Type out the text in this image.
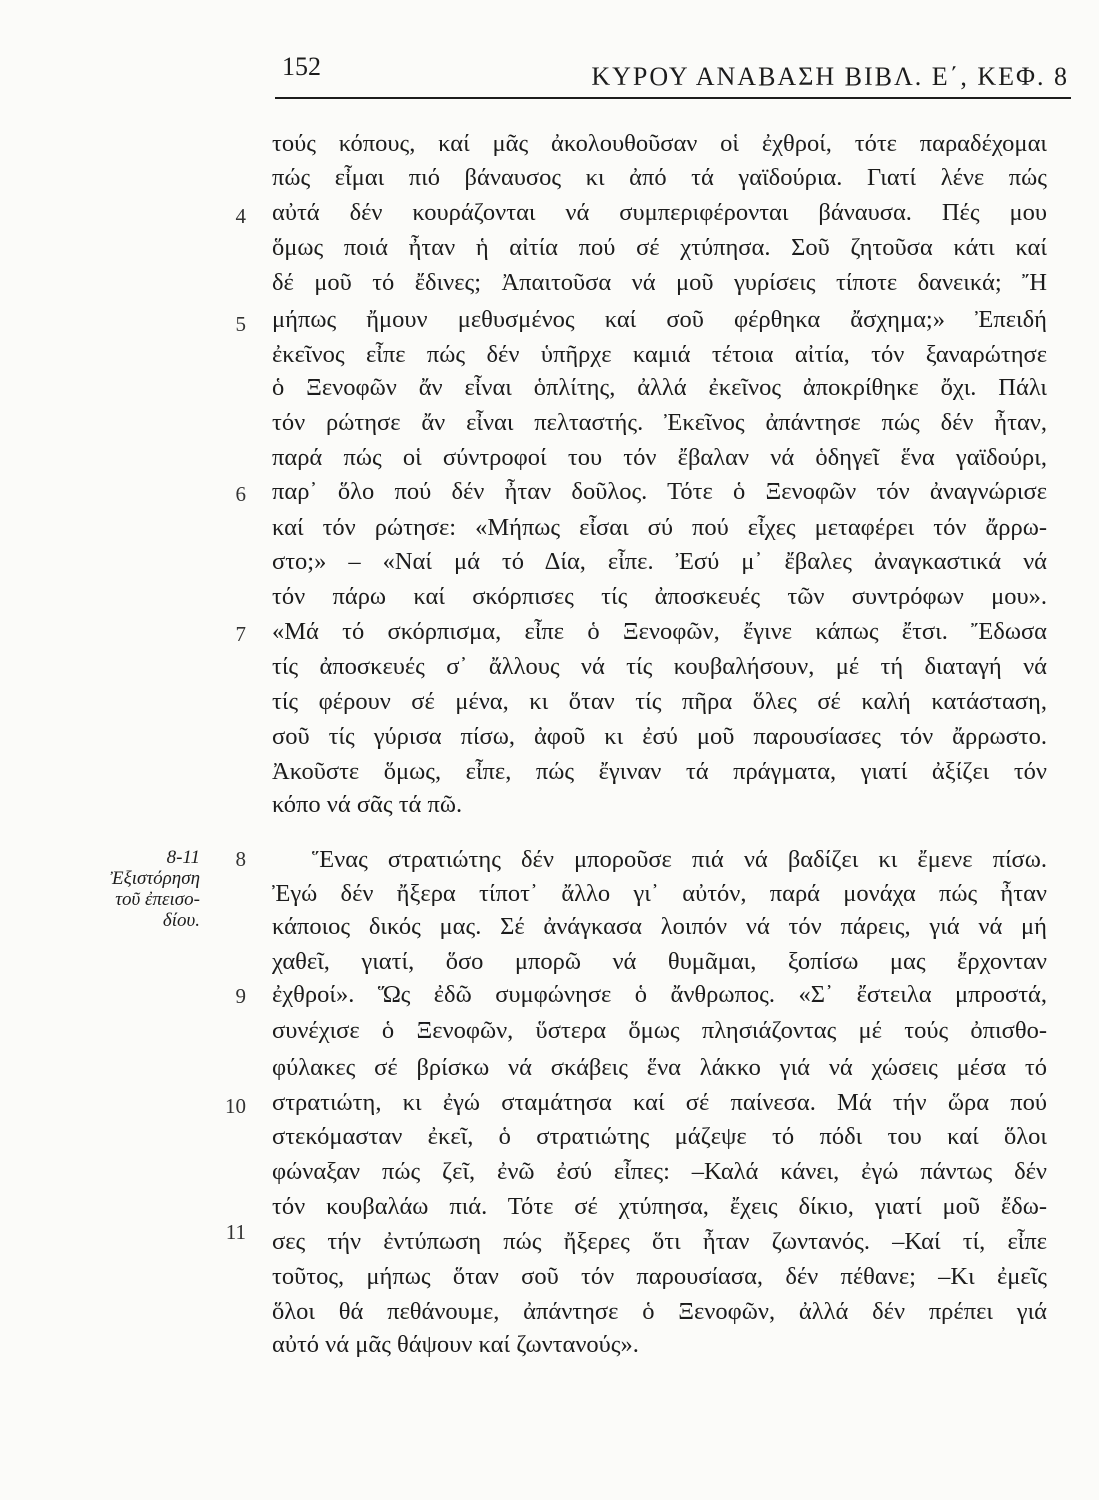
152	ΚΥΡΟΥ ΑΝΑΒΑΣΗ ΒΙΒΛ. Ε΄, ΚΕΦ. 8
8-11
Ἐξιστόρηση
τοῦ ἐπεισο-
δίου.
4
5
6
7
8
9
10
11
τούς κόπους, καί μᾶς ἀκολουθοῦσαν οἱ ἐχθροί, τότε παραδέχομαι
πώς εἶμαι πιό βάναυσος κι ἀπό τά γαϊδούρια. Γιατί λένε πώς
αὐτά δέν κουράζονται νά συμπεριφέρονται βάναυσα. Πές μου
ὅμως ποιά ἦταν ἡ αἰτία πού σέ χτύπησα. Σοῦ ζητοῦσα κάτι καί
δέ μοῦ τό ἔδινες; Ἀπαιτοῦσα νά μοῦ γυρίσεις τίποτε δανεικά; Ἤ
μήπως ἤμουν μεθυσμένος καί σοῦ φέρθηκα ἄσχημα;» Ἐπειδή
ἐκεῖνος εἶπε πώς δέν ὑπῆρχε καμιά τέτοια αἰτία, τόν ξαναρώτησε
ὁ Ξενοφῶν ἄν εἶναι ὁπλίτης, ἀλλά ἐκεῖνος ἀποκρίθηκε ὄχι. Πάλι
τόν ρώτησε ἄν εἶναι πελταστής. Ἐκεῖνος ἀπάντησε πώς δέν ἦταν,
παρά πώς οἱ σύντροφοί του τόν ἔβαλαν νά ὁδηγεῖ ἕνα γαϊδούρι,
παρ᾽ ὅλο πού δέν ἦταν δοῦλος. Τότε ὁ Ξενοφῶν τόν ἀναγνώρισε
καί τόν ρώτησε: «Μήπως εἶσαι σύ πού εἶχες μεταφέρει τόν ἄρρω-
στο;» – «Ναί μά τό Δία, εἶπε. Ἐσύ μ᾽ ἔβαλες ἀναγκαστικά νά
τόν πάρω καί σκόρπισες τίς ἀποσκευές τῶν συντρόφων μου».
«Μά τό σκόρπισμα, εἶπε ὁ Ξενοφῶν, ἔγινε κάπως ἔτσι. Ἔδωσα
τίς ἀποσκευές σ᾽ ἄλλους νά τίς κουβαλήσουν, μέ τή διαταγή νά
τίς φέρουν σέ μένα, κι ὅταν τίς πῆρα ὅλες σέ καλή κατάσταση,
σοῦ τίς γύρισα πίσω, ἀφοῦ κι ἐσύ μοῦ παρουσίασες τόν ἄρρωστο.
Ἀκοῦστε ὅμως, εἶπε, πώς ἔγιναν τά πράγματα, γιατί ἀξίζει τόν
κόπο νά σᾶς τά πῶ.
Ἕνας στρατιώτης δέν μποροῦσε πιά νά βαδίζει κι ἔμενε πίσω.
Ἐγώ δέν ἤξερα τίποτ᾽ ἄλλο γι᾽ αὐτόν, παρά μονάχα πώς ἦταν
κάποιος δικός μας. Σέ ἀνάγκασα λοιπόν νά τόν πάρεις, γιά νά μή
χαθεῖ, γιατί, ὅσο μπορῶ νά θυμᾶμαι, ξοπίσω μας ἔρχονταν
ἐχθροί». Ὥς ἐδῶ συμφώνησε ὁ ἄνθρωπος. «Σ᾽ ἔστειλα μπροστά,
συνέχισε ὁ Ξενοφῶν, ὕστερα ὅμως πλησιάζοντας μέ τούς ὀπισθο-
φύλακες σέ βρίσκω νά σκάβεις ἕνα λάκκο γιά νά χώσεις μέσα τό
στρατιώτη, κι ἐγώ σταμάτησα καί σέ παίνεσα. Μά τήν ὥρα πού
στεκόμασταν ἐκεῖ, ὁ στρατιώτης μάζεψε τό πόδι του καί ὅλοι
φώναξαν πώς ζεῖ, ἐνῶ ἐσύ εἶπες: –Καλά κάνει, ἐγώ πάντως δέν
τόν κουβαλάω πιά. Τότε σέ χτύπησα, ἔχεις δίκιο, γιατί μοῦ ἔδω-
σες τήν ἐντύπωση πώς ἤξερες ὅτι ἦταν ζωντανός. –Καί τί, εἶπε
τοῦτος, μήπως ὅταν σοῦ τόν παρουσίασα, δέν πέθανε; –Κι ἐμεῖς
ὅλοι θά πεθάνουμε, ἀπάντησε ὁ Ξενοφῶν, ἀλλά δέν πρέπει γιά
αὐτό νά μᾶς θάψουν καί ζωντανούς».
